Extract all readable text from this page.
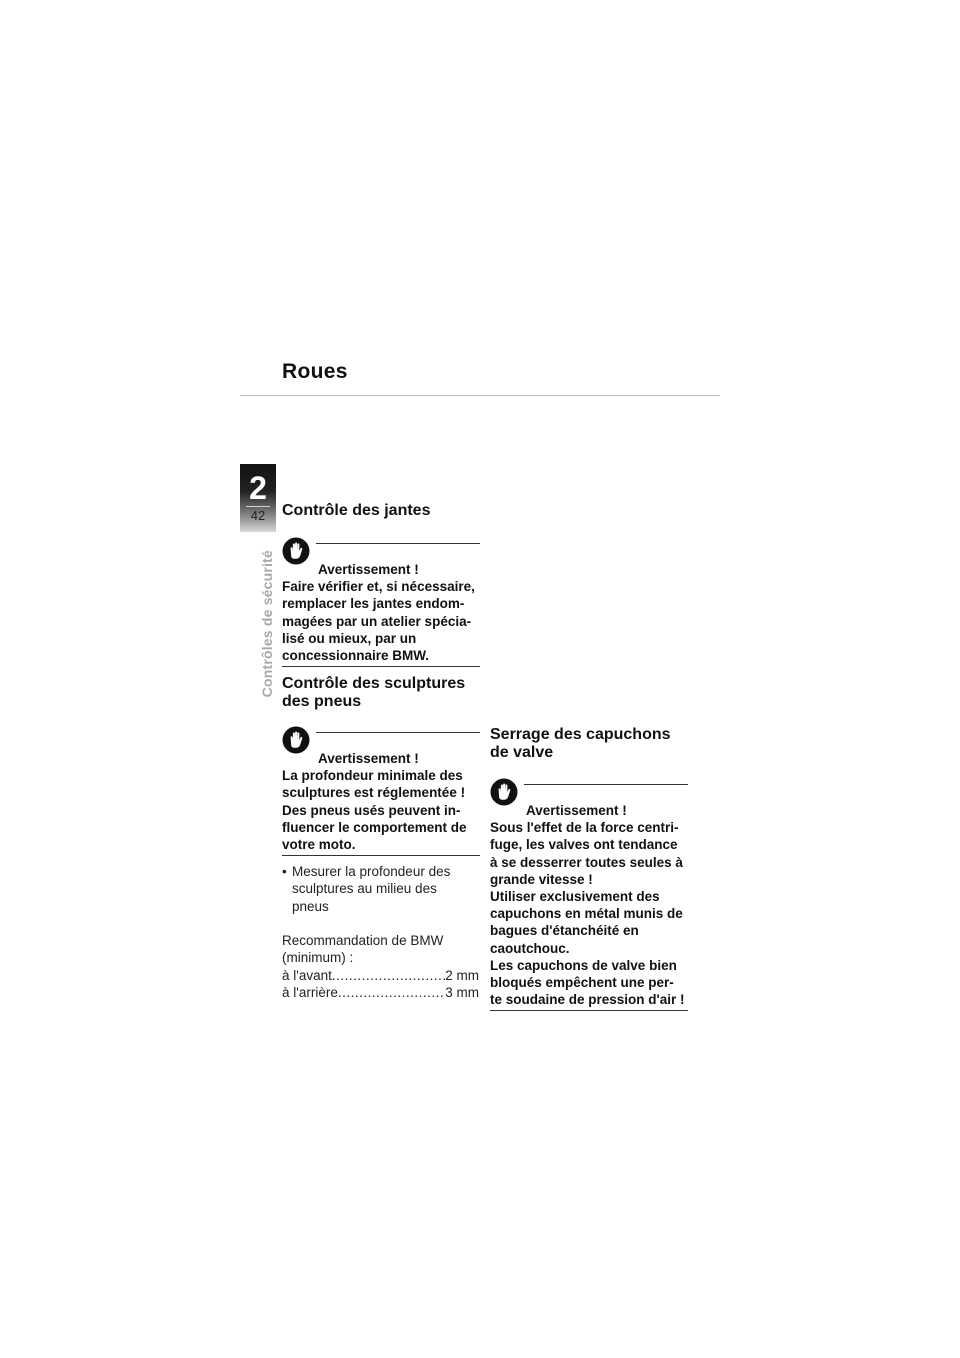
Roues
2
42
Contrôles de sécurité
Contrôle des jantes
Avertissement !
Faire vérifier et, si nécessaire,
remplacer les jantes endom-
magées par un atelier spécia-
lisé ou mieux, par un
concessionnaire BMW.
Contrôle des sculptures
des pneus
Avertissement !
La profondeur minimale des
sculptures est réglementée !
Des pneus usés peuvent in-
fluencer le comportement de
votre moto.
• Mesurer la profondeur des
sculptures au milieu des
pneus
Recommandation de BMW
(minimum) :
à l'avant .....	2 mm
à l'arrière .....	3 mm
Serrage des capuchons
de valve
Avertissement !
Sous l'effet de la force centri-
fuge, les valves ont tendance
à se desserrer toutes seules à
grande vitesse !
Utiliser exclusivement des
capuchons en métal munis de
bagues d'étanchéité en
caoutchouc.
Les capuchons de valve bien
bloqués empêchent une per-
te soudaine de pression d'air !
